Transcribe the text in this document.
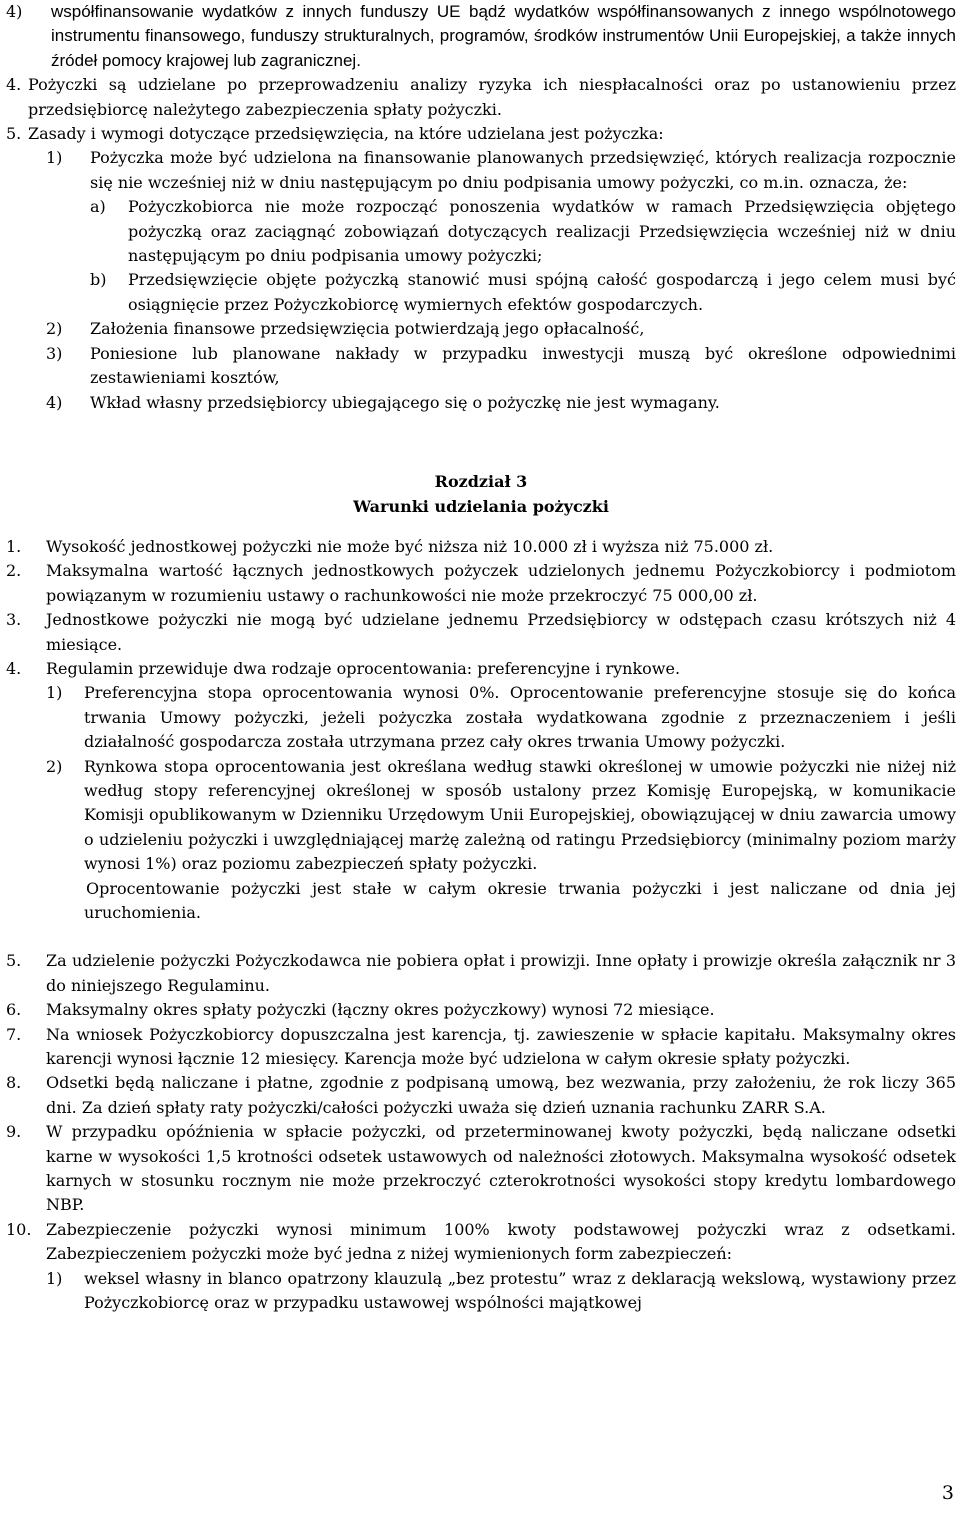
4) współfinansowanie wydatków z innych funduszy UE bądź wydatków współfinansowanych z innego wspólnotowego instrumentu finansowego, funduszy strukturalnych, programów, środków instrumentów Unii Europejskiej, a także innych źródeł pomocy krajowej lub zagranicznej.
4. Pożyczki są udzielane po przeprowadzeniu analizy ryzyka ich niespłacalności oraz po ustanowieniu przez przedsiębiorcę należytego zabezpieczenia spłaty pożyczki.
5. Zasady i wymogi dotyczące przedsięwzięcia, na które udzielana jest pożyczka:
1) Pożyczka może być udzielona na finansowanie planowanych przedsięwzięć, których realizacja rozpocznie się nie wcześniej niż w dniu następującym po dniu podpisania umowy pożyczki, co m.in. oznacza, że:
a) Pożyczkobiorca nie może rozpocząć ponoszenia wydatków w ramach Przedsięwzięcia objętego pożyczką oraz zaciągnąć zobowiązań dotyczących realizacji Przedsięwzięcia wcześniej niż w dniu następującym po dniu podpisania umowy pożyczki;
b) Przedsięwzięcie objęte pożyczką stanowić musi spójną całość gospodarczą i jego celem musi być osiągnięcie przez Pożyczkobiorcę wymiernych efektów gospodarczych.
2) Założenia finansowe przedsięwzięcia potwierdzają jego opłacalność,
3) Poniesione lub planowane nakłady w przypadku inwestycji muszą być określone odpowiednimi zestawieniami kosztów,
4) Wkład własny przedsiębiorcy ubiegającego się o pożyczkę nie jest wymagany.
Rozdział 3
Warunki udzielania pożyczki
1. Wysokość jednostkowej pożyczki nie może być niższa niż 10.000 zł i wyższa niż 75.000 zł.
2. Maksymalna wartość łącznych jednostkowych pożyczek udzielonych jednemu Pożyczkobiorcy i podmiotom powiązanym w rozumieniu ustawy o rachunkowości nie może przekroczyć 75 000,00 zł.
3. Jednostkowe pożyczki nie mogą być udzielane jednemu Przedsiębiorcy w odstępach czasu krótszych niż 4 miesiące.
4. Regulamin przewiduje dwa rodzaje oprocentowania: preferencyjne i rynkowe.
1) Preferencyjna stopa oprocentowania wynosi 0%. Oprocentowanie preferencyjne stosuje się do końca trwania Umowy pożyczki, jeżeli pożyczka została wydatkowana zgodnie z przeznaczeniem i jeśli działalność gospodarcza została utrzymana przez cały okres trwania Umowy pożyczki.
2) Rynkowa stopa oprocentowania jest określana według stawki określonej w umowie pożyczki nie niżej niż według stopy referencyjnej określonej w sposób ustalony przez Komisję Europejską, w komunikacie Komisji opublikowanym w Dzienniku Urzędowym Unii Europejskiej, obowiązującej w dniu zawarcia umowy o udzieleniu pożyczki i uwzględniającej marżę zależną od ratingu Przedsiębiorcy (minimalny poziom marży wynosi 1%) oraz poziomu zabezpieczeń spłaty pożyczki.
Oprocentowanie pożyczki jest stałe w całym okresie trwania pożyczki i jest naliczane od dnia jej uruchomienia.
5. Za udzielenie pożyczki Pożyczkodawca nie pobiera opłat i prowizji. Inne opłaty i prowizje określa załącznik nr 3 do niniejszego Regulaminu.
6. Maksymalny okres spłaty pożyczki (łączny okres pożyczkowy) wynosi 72 miesiące.
7. Na wniosek Pożyczkobiorcy dopuszczalna jest karencja, tj. zawieszenie w spłacie kapitału. Maksymalny okres karencji wynosi łącznie 12 miesięcy. Karencja może być udzielona w całym okresie spłaty pożyczki.
8. Odsetki będą naliczane i płatne, zgodnie z podpisaną umową, bez wezwania, przy założeniu, że rok liczy 365 dni. Za dzień spłaty raty pożyczki/całości pożyczki uważa się dzień uznania rachunku ZARR S.A.
9. W przypadku opóźnienia w spłacie pożyczki, od przeterminowanej kwoty pożyczki, będą naliczane odsetki karne w wysokości 1,5 krotności odsetek ustawowych od należności złotowych. Maksymalna wysokość odsetek karnych w stosunku rocznym nie może przekroczyć czterokrotności wysokości stopy kredytu lombardowego NBP.
10. Zabezpieczenie pożyczki wynosi minimum 100% kwoty podstawowej pożyczki wraz z odsetkami. Zabezpieczeniem pożyczki może być jedna z niżej wymienionych form zabezpieczeń:
1) weksel własny in blanco opatrzony klauzulą „bez protestu” wraz z deklaracją wekslową, wystawiony przez Pożyczkobiorcę oraz w przypadku ustawowej wspólności majątkowej
3
